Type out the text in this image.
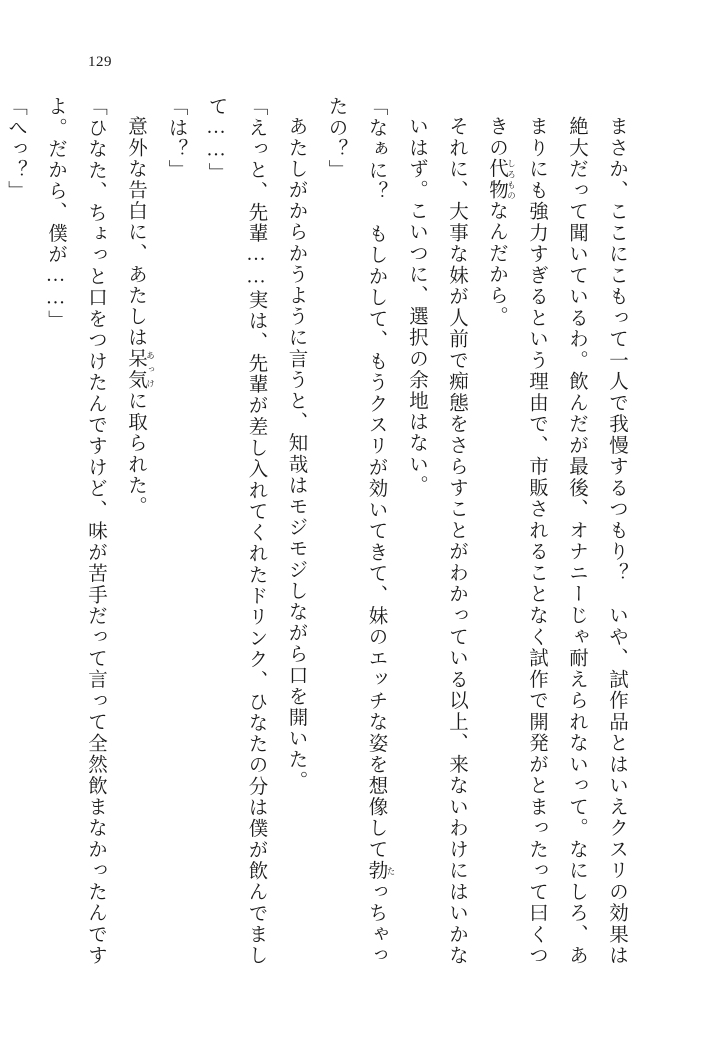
129

まさか、ここにこもって一人で我慢するつもり？　いや、試作品とはいえクスリの効果は絶大だって聞いているわ。飲んだが最後、オナニーじゃ耐えられないって。なにしろ、あまりにも強力すぎるという理由で、市販されることなく試作で開発がとまったって曰くつきの代物 しろものなんだから。

それに、大事な妹が人前で痴態をさらすことがわかっている以上、来ないわけにはいかないはず。こいつに、選択の余地はない。

「なぁに？　もしかして、もうクスリが効いてきて、妹のエッチな姿を想像して勃 たっちゃったの？」

あたしがからかうように言うと、知哉はモジモジしながら口を開いた。

「えっと、先輩……実は、先輩が差し入れてくれたドリンク、ひなたの分は僕が飲んでまして……」

「は？」

意外な告白に、あたしは呆気 あっけに取られた。

「ひなた、ちょっと口をつけたんですけど、味が苦手だって言って全然飲まなかったんですよ。だから、僕が……」

「へっ？」
